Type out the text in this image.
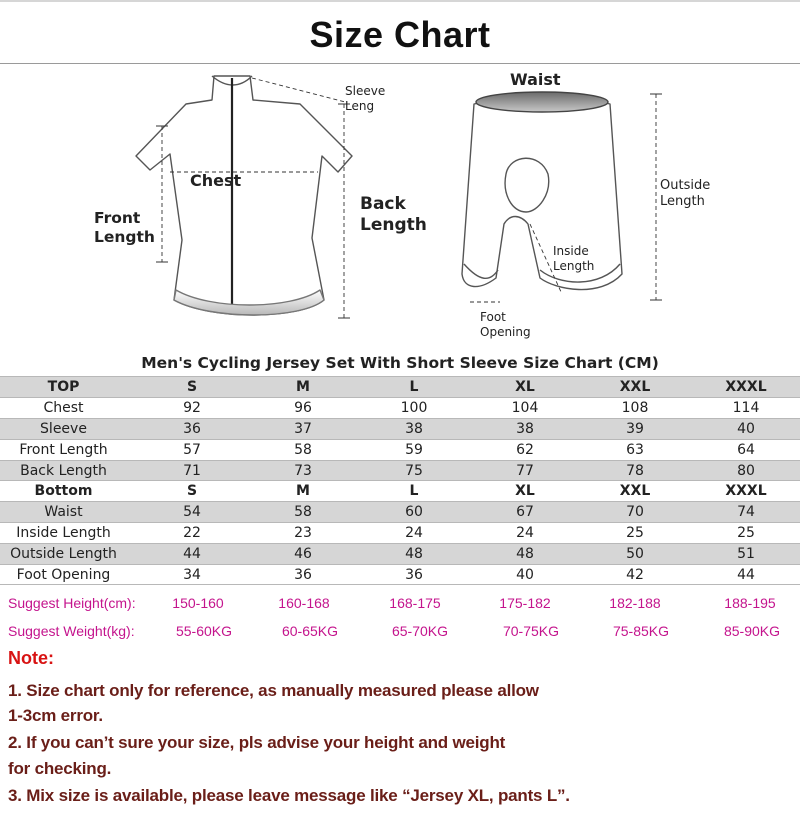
Size Chart
Sleeve
Leng
Chest
Front
Length
Back
Length
Waist
Outside
Length
Inside
Length
Foot
Opening
Men's Cycling Jersey Set With Short Sleeve Size Chart (CM)
TOP	S	M	L	XL	XXL	XXXL
Chest	92	96	100	104	108	114
Sleeve	36	37	38	38	39	40
Front Length	57	58	59	62	63	64
Back Length	71	73	75	77	78	80
Bottom	S	M	L	XL	XXL	XXXL
Waist	54	58	60	67	70	74
Inside Length	22	23	24	24	25	25
Outside Length	44	46	48	48	50	51
Foot Opening	34	36	36	40	42	44
Suggest Height(cm):	150-160	160-168	168-175	175-182	182-188	188-195
Suggest Weight(kg):	55-60KG	60-65KG	65-70KG	70-75KG	75-85KG	85-90KG
Note:
1. Size chart only for reference, as manually measured please allow
1-3cm error.
2. If you can’t sure your size, pls advise your height and weight
for checking.
3. Mix size is available, please leave message like “Jersey XL, pants L”.
